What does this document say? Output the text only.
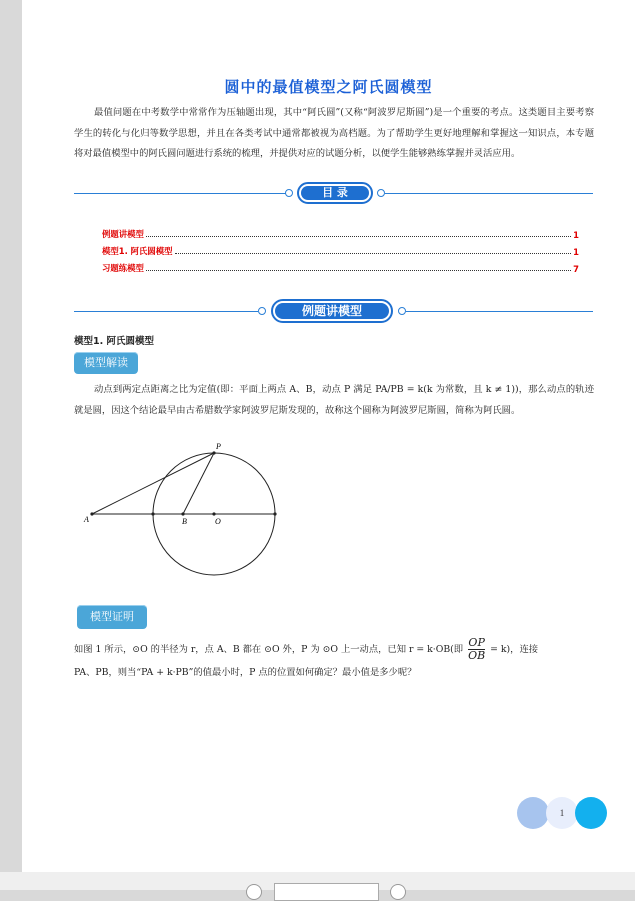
圆中的最值模型之阿氏圆模型
最值问题在中考数学中常常作为压轴题出现，其中“阿氏圆”(又称“阿波罗尼斯圆”)是一个重要的考点。这类题目主要考察学生的转化与化归等数学思想，并且在各类考试中通常都被视为高档题。为了帮助学生更好地理解和掌握这一知识点，本专题将对最值模型中的阿氏圆问题进行系统的梳理，并提供对应的试题分析，以便学生能够熟练掌握并灵活应用。
目 录
例题讲模型	1
模型1. 阿氏圆模型	1
习题练模型	7
例题讲模型
模型1. 阿氏圆模型
模型解读
动点到两定点距离之比为定值(即：平面上两点 A、B，动点 P 满足 PA/PB = k(k 为常数，且 k ≠ 1))，那么动点的轨迹就是圆，因这个结论最早由古希腊数学家阿波罗尼斯发现的，故称这个圆称为阿波罗尼斯圆，简称为阿氏圆。
P
A	B	O
模型证明
如图 1 所示，⊙O 的半径为 r，点 A、B 都在 ⊙O 外，P 为 ⊙O 上一动点，已知 r = k·OB(即 $\frac{OP}{OB} = k$)，连接
PA、PB，则当“PA + k·PB”的值最小时，P 点的位置如何确定？最小值是多少呢？
1
